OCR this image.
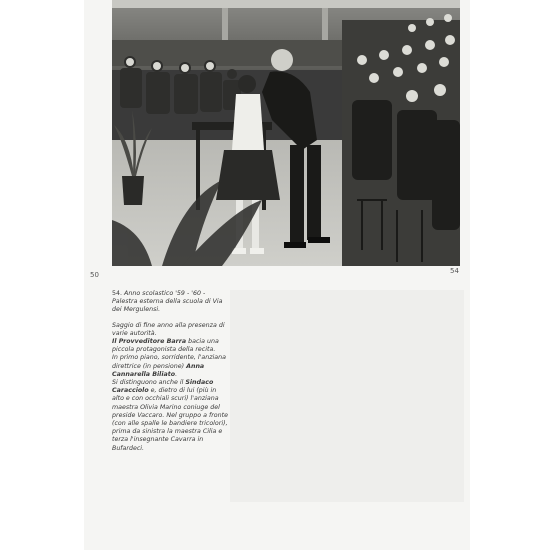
50	54

54. Anno scolastico '59 - '60 - Palestra esterna della scuola di Via dei Mergulensi.

Saggio di fine anno alla presenza di varie autorità.

Il Provveditore Barra bacia una piccola protagonista della recita.

In primo piano, sorridente, l'anziana direttrice (in pensione) Anna Cannarella Biliato.

Si distinguono anche il Sindaco Caracciolo e, dietro di lui (più in alto e con occhiali scuri) l'anziana maestra Olivia Marino coniuge del preside Vaccaro. Nel gruppo a fronte (con alle spalle le bandiere tricolori), prima da sinistra la maestra Cilia e terza l'insegnante Cavarra in Bufardeci.
